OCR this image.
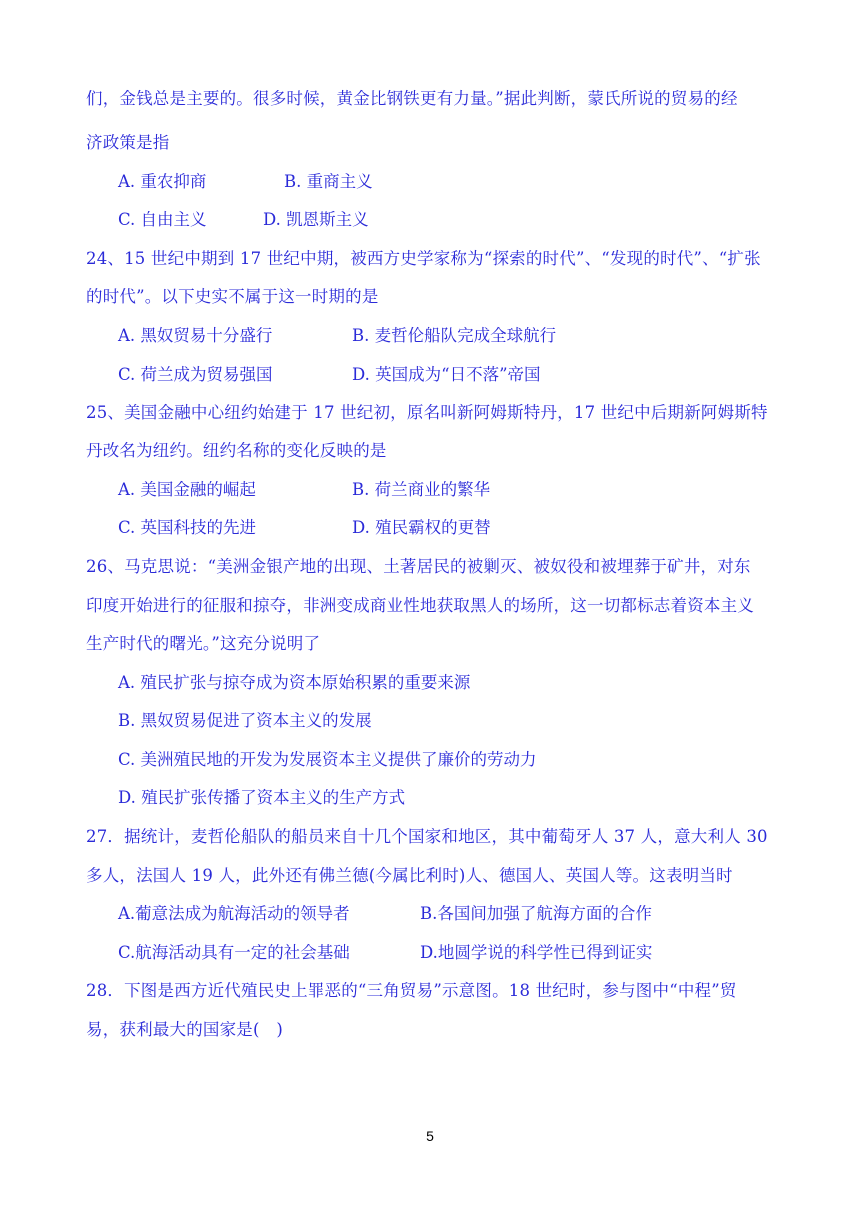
们，金钱总是主要的。很多时候，黄金比钢铁更有力量。”据此判断，蒙氏所说的贸易的经
济政策是指
A. 重农抑商	B. 重商主义
C. 自由主义	D. 凯恩斯主义
24、15 世纪中期到 17 世纪中期，被西方史学家称为“探索的时代”、“发现的时代”、“扩张
的时代”。以下史实不属于这一时期的是
A. 黑奴贸易十分盛行	B. 麦哲伦船队完成全球航行
C. 荷兰成为贸易强国	D. 英国成为“日不落”帝国
25、美国金融中心纽约始建于 17 世纪初，原名叫新阿姆斯特丹，17 世纪中后期新阿姆斯特
丹改名为纽约。纽约名称的变化反映的是
A. 美国金融的崛起	B. 荷兰商业的繁华
C. 英国科技的先进	D. 殖民霸权的更替
26、马克思说：“美洲金银产地的出现、土著居民的被剿灭、被奴役和被埋葬于矿井，对东
印度开始进行的征服和掠夺，非洲变成商业性地获取黑人的场所，这一切都标志着资本主义
生产时代的曙光。”这充分说明了
A. 殖民扩张与掠夺成为资本原始积累的重要来源
B. 黑奴贸易促进了资本主义的发展
C. 美洲殖民地的开发为发展资本主义提供了廉价的劳动力
D. 殖民扩张传播了资本主义的生产方式
27．据统计，麦哲伦船队的船员来自十几个国家和地区，其中葡萄牙人 37 人，意大利人 30
多人，法国人 19 人，此外还有佛兰德(今属比利时)人、德国人、英国人等。这表明当时
A.葡意法成为航海活动的领导者	B.各国间加强了航海方面的合作
C.航海活动具有一定的社会基础	D.地圆学说的科学性已得到证实
28．下图是西方近代殖民史上罪恶的“三角贸易”示意图。18 世纪时，参与图中“中程”贸
易，获利最大的国家是(　)
5
